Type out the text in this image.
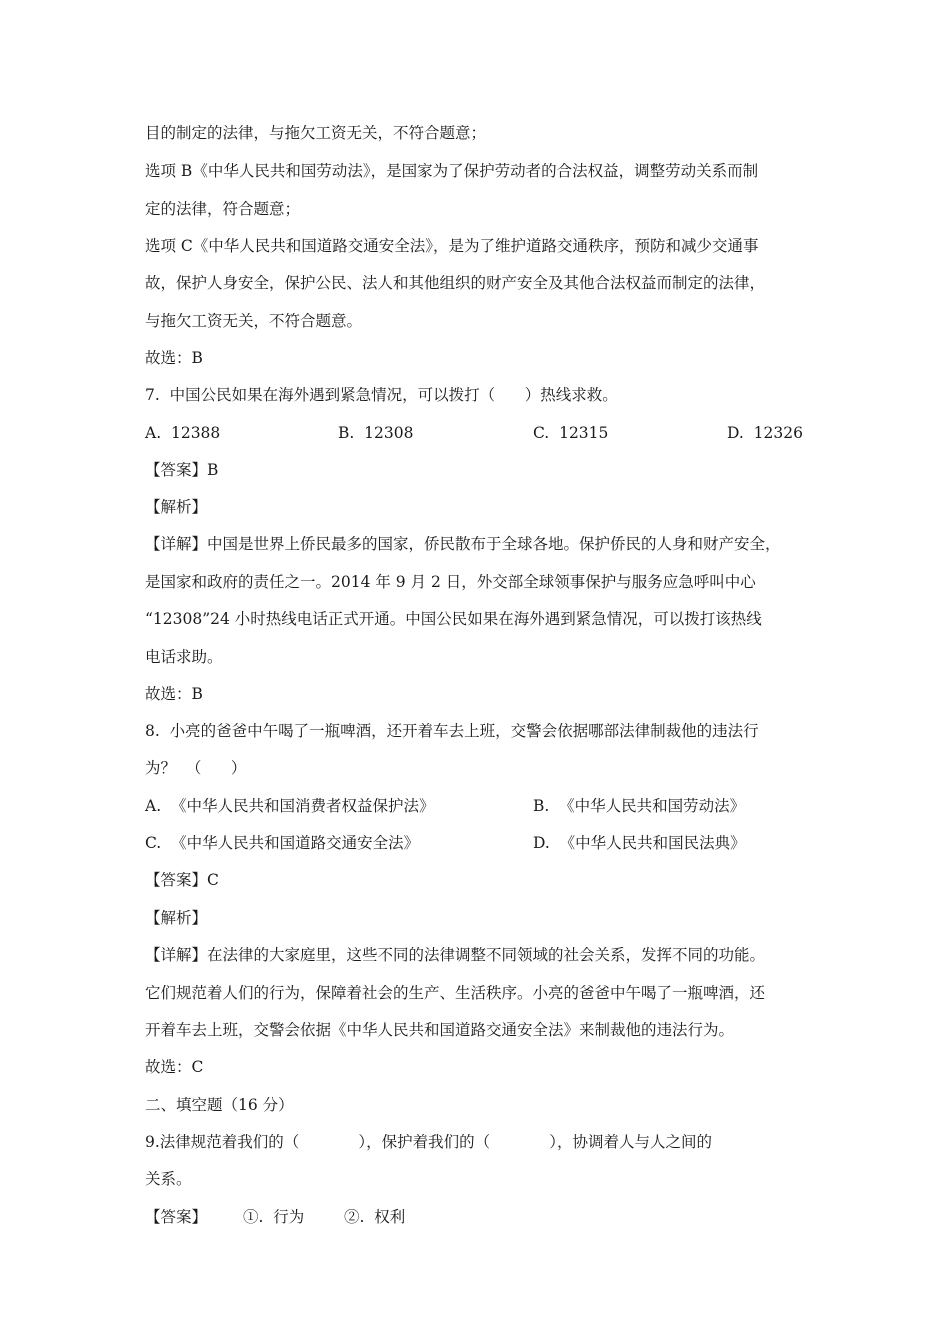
目的制定的法律，与拖欠工资无关，不符合题意；
选项 B《中华人民共和国劳动法》，是国家为了保护劳动者的合法权益，调整劳动关系而制
定的法律，符合题意；
选项 C《中华人民共和国道路交通安全法》，是为了维护道路交通秩序，预防和减少交通事
故，保护人身安全，保护公民、法人和其他组织的财产安全及其他合法权益而制定的法律，
与拖欠工资无关，不符合题意。
故选：B
7.  中国公民如果在海外遇到紧急情况，可以拨打（      ）热线求救。
A.  12388	B.  12308	C.  12315	D.  12326
【答案】B
【解析】
【详解】中国是世界上侨民最多的国家，侨民散布于全球各地。保护侨民的人身和财产安全，
是国家和政府的责任之一。2014 年 9 月 2 日，外交部全球领事保护与服务应急呼叫中心
“12308”24 小时热线电话正式开通。中国公民如果在海外遇到紧急情况，可以拨打该热线
电话求助。
故选：B
8.  小亮的爸爸中午喝了一瓶啤酒，还开着车去上班，交警会依据哪部法律制裁他的违法行
为？  （      ）
A.  《中华人民共和国消费者权益保护法》	B.  《中华人民共和国劳动法》
C.  《中华人民共和国道路交通安全法》	D.  《中华人民共和国民法典》
【答案】C
【解析】
【详解】在法律的大家庭里，这些不同的法律调整不同领域的社会关系，发挥不同的功能。
它们规范着人们的行为，保障着社会的生产、生活秩序。小亮的爸爸中午喝了一瓶啤酒，还
开着车去上班，交警会依据《中华人民共和国道路交通安全法》来制裁他的违法行为。
故选：C
二、填空题（16 分）
9.法律规范着我们的（            ），保护着我们的（            ），协调着人与人之间的
关系。
【答案】 ①.  行为	②.  权利
